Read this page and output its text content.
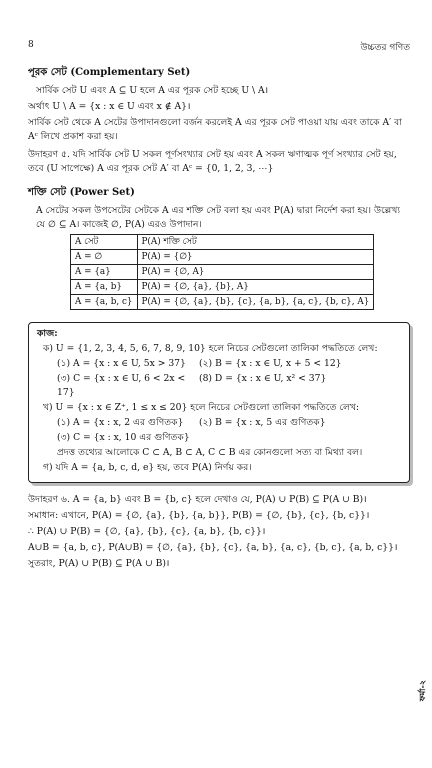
8	উচ্চতর গণিত
পূরক সেট (Complementary Set)

সার্বিক সেট U এবং A ⊆ U হলে A এর পূরক সেট হচ্ছে U \ A।

অর্থাৎ U \ A = {x : x ∈ U এবং x ∉ A}।

সার্বিক সেট থেকে A সেটের উপাদানগুলো বর্জন করলেই A এর পূরক সেট পাওয়া যায় এবং তাকে A′ বা Aᶜ লিখে প্রকাশ করা হয়।

উদাহরণ ৫. যদি সার্বিক সেট U সকল পূর্ণসংখ্যার সেট হয় এবং A সকল ঋণাত্মক পূর্ণ সংখ্যার সেট হয়, তবে (U সাপেক্ষে) A এর পূরক সেট A′ বা Aᶜ = {0, 1, 2, 3, ⋯}

শক্তি সেট (Power Set)

A সেটের সকল উপসেটের সেটকে A এর শক্তি সেট বলা হয় এবং P(A) দ্বারা নির্দেশ করা হয়। উল্লেখ্য যে ∅ ⊆ A। কাজেই ∅, P(A) এরও উপাদান।

A সেট	P(A) শক্তি সেট
A = ∅	P(A) = {∅}
A = {a}	P(A) = {∅, A}
A = {a, b}	P(A) = {∅, {a}, {b}, A}
A = {a, b, c}	P(A) = {∅, {a}, {b}, {c}, {a, b}, {a, c}, {b, c}, A}
কাজ:
ক) U = {1, 2, 3, 4, 5, 6, 7, 8, 9, 10} হলে নিচের সেটগুলো তালিকা পদ্ধতিতে লেখ:
(১) A = {x : x ∈ U, 5x > 37}	(২) B = {x : x ∈ U, x + 5 < 12}
(৩) C = {x : x ∈ U, 6 < 2x < 17}
(8) D = {x : x ∈ U, x² < 37}
খ) U = {x : x ∈ Z⁺, 1 ≤ x ≤ 20} হলে নিচের সেটগুলো তালিকা পদ্ধতিতে লেখ:
(১) A = {x : x, 2 এর গুণিতক}	(২) B = {x : x, 5 এর গুণিতক}
(৩) C = {x : x, 10 এর গুণিতক}
প্রদত্ত তথ্যের আলোকে C ⊂ A, B ⊂ A, C ⊂ B এর কোনগুলো সত্য বা মিথ্যা বল।
গ) যদি A = {a, b, c, d, e} হয়, তবে P(A) নির্ণয় কর।

উদাহরণ ৬. A = {a, b} এবং B = {b, c} হলে দেখাও যে, P(A) ∪ P(B) ⊆ P(A ∪ B)।

সমাধান: এখানে, P(A) = {∅, {a}, {b}, {a, b}}, P(B) = {∅, {b}, {c}, {b, c}}।

∴ P(A) ∪ P(B) = {∅, {a}, {b}, {c}, {a, b}, {b, c}}।

A∪B = {a, b, c}, P(A∪B) = {∅, {a}, {b}, {c}, {a, b}, {a, c}, {b, c}, {a, b, c}}।

সুতরাং, P(A) ∪ P(B) ⊆ P(A ∪ B)।

ফর্মা-২
